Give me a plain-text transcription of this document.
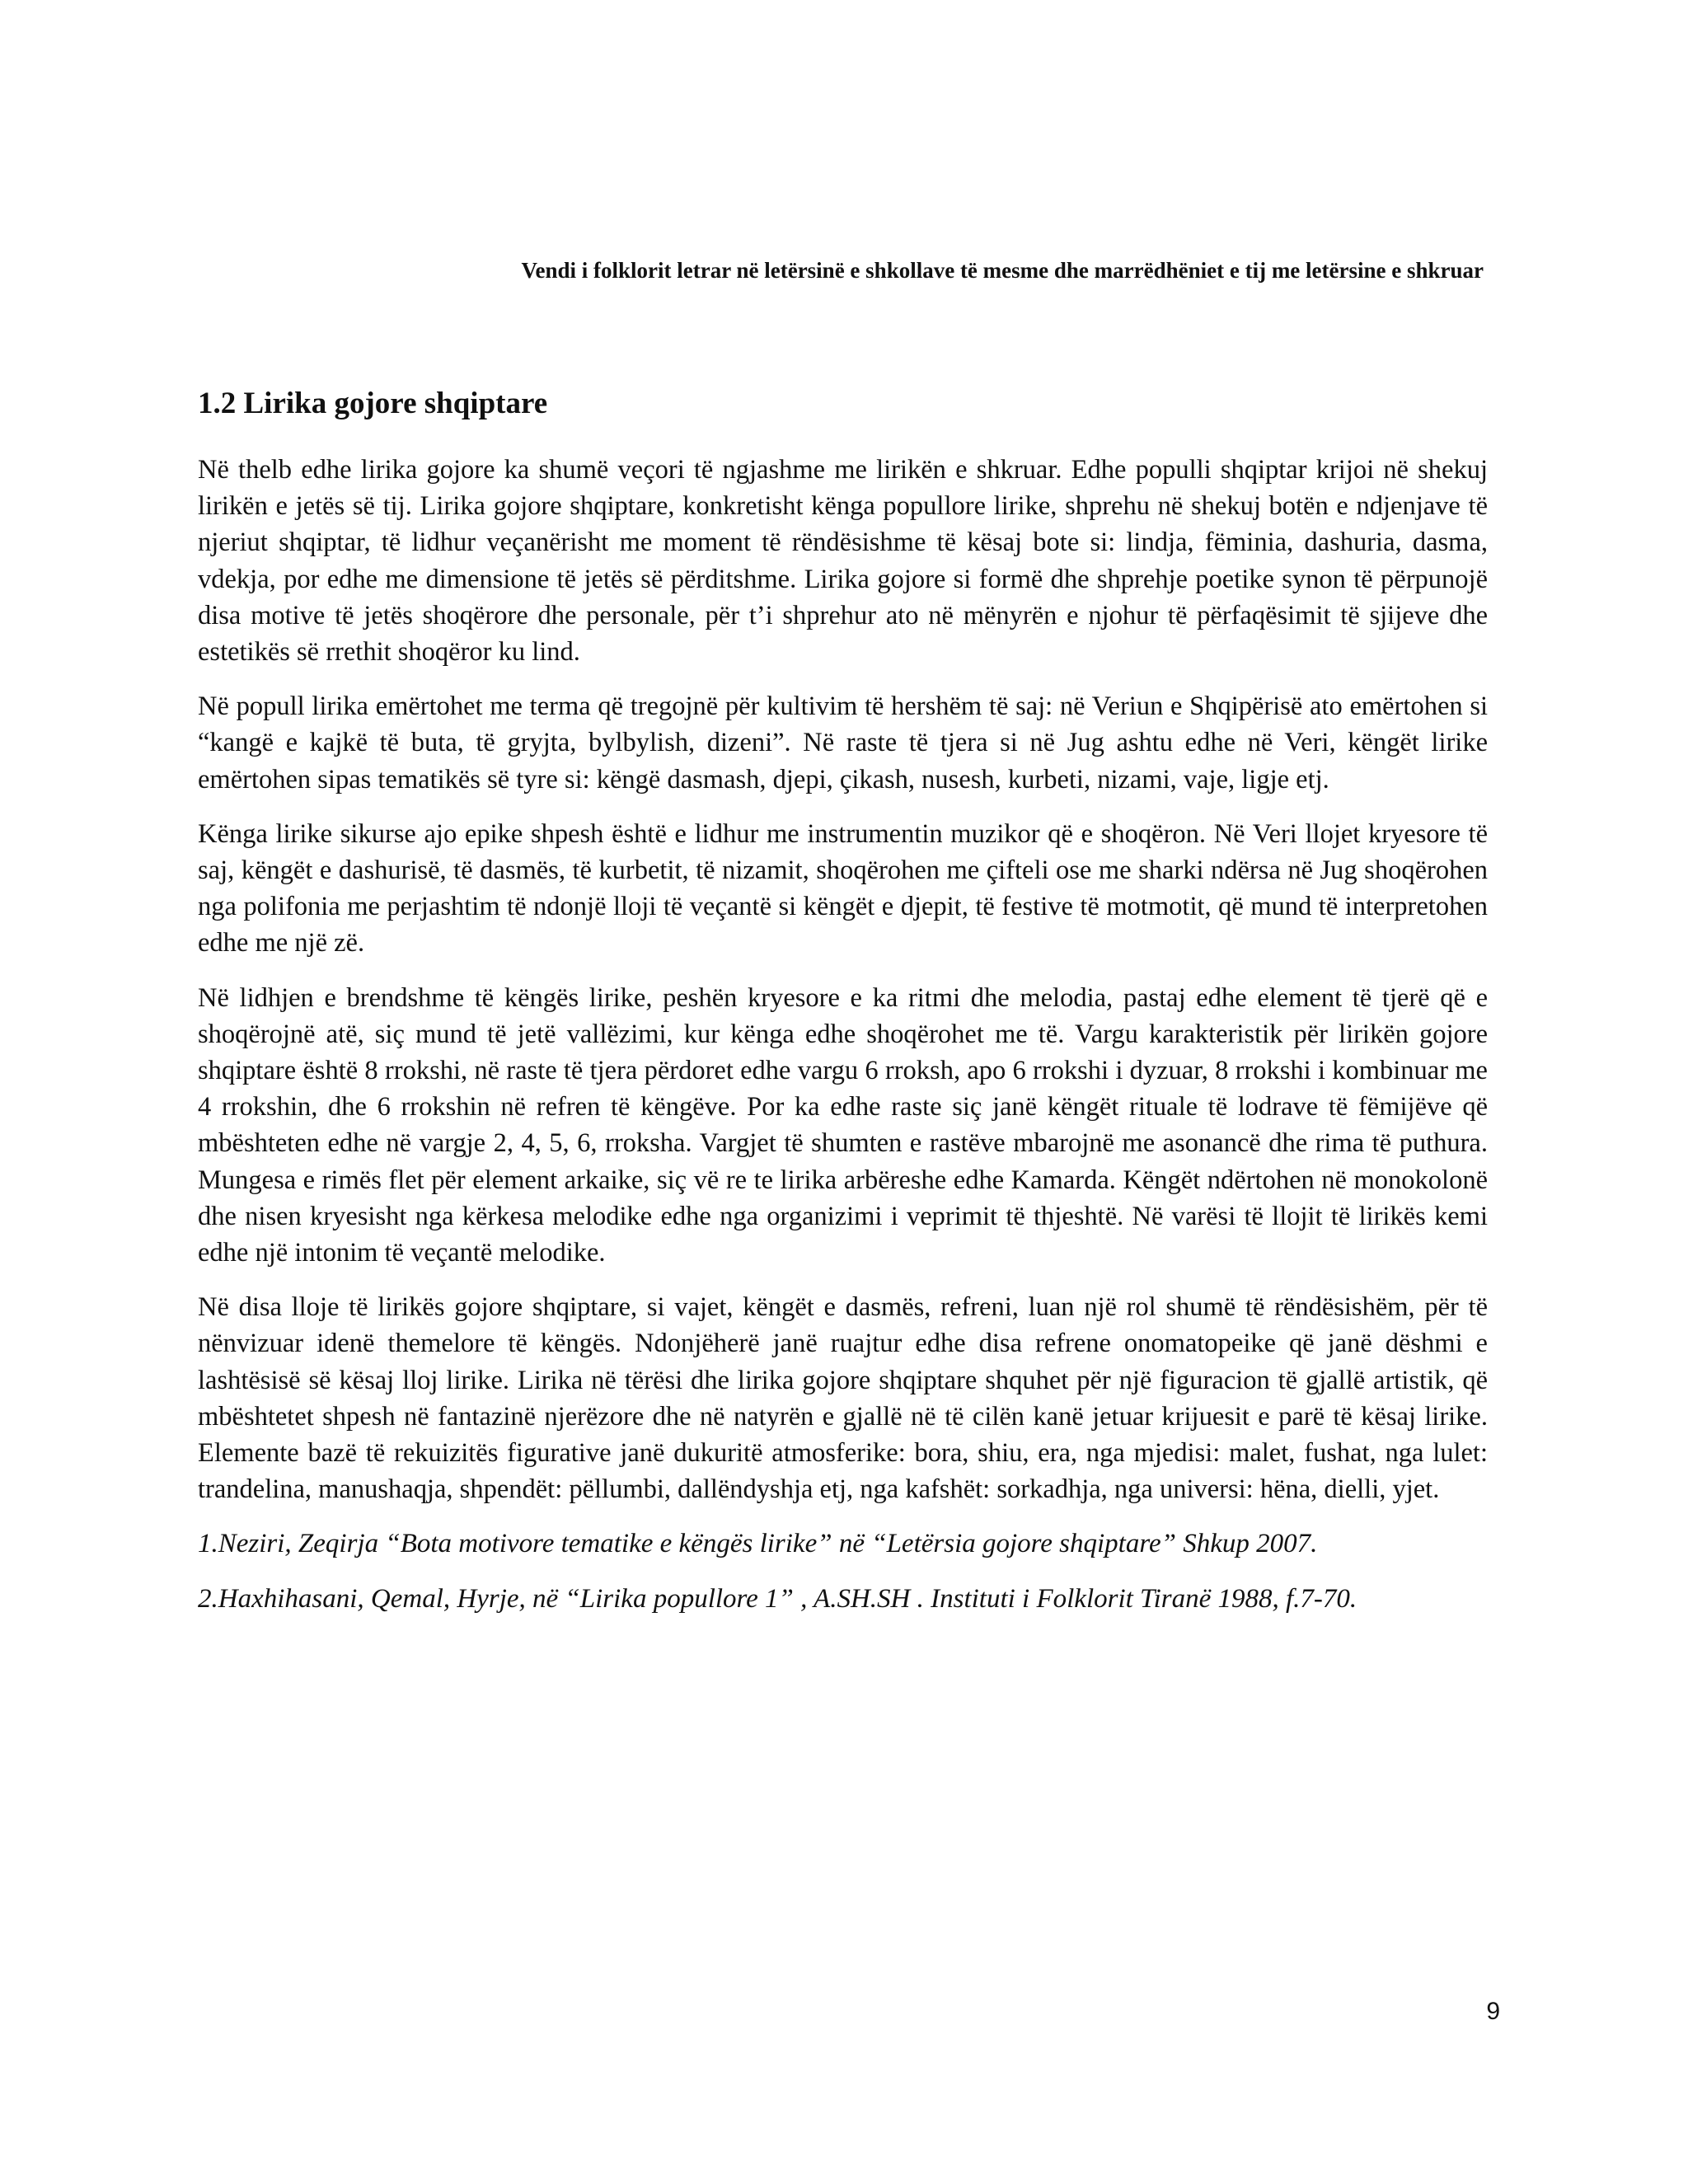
Vendi i folklorit letrar në letërsinë e shkollave të mesme dhe marrëdhëniet e tij me letërsine e shkruar
1.2 Lirika gojore shqiptare

Në thelb edhe lirika gojore ka shumë veçori të ngjashme me lirikën e shkruar. Edhe populli shqiptar krijoi në shekuj lirikën e jetës së tij. Lirika gojore shqiptare, konkretisht kënga popullore lirike, shprehu në shekuj botën e ndjenjave të njeriut shqiptar, të lidhur veçanërisht me moment të rëndësishme të kësaj bote si: lindja, fëminia, dashuria, dasma, vdekja, por edhe me dimensione të jetës së përditshme. Lirika gojore si formë dhe shprehje poetike synon të përpunojë disa motive të jetës shoqërore dhe personale, për t’i shprehur ato në mënyrën e njohur të përfaqësimit të sjijeve dhe estetikës së rrethit shoqëror ku lind.

Në popull lirika emërtohet me terma që tregojnë për kultivim të hershëm të saj: në Veriun e Shqipërisë ato emërtohen si “kangë e kajkë të buta, të gryjta, bylbylish, dizeni”. Në raste të tjera si në Jug ashtu edhe në Veri, këngët lirike emërtohen sipas tematikës së tyre si: këngë dasmash, djepi, çikash, nusesh, kurbeti, nizami, vaje, ligje etj.

Kënga lirike sikurse ajo epike shpesh është e lidhur me instrumentin muzikor që e shoqëron. Në Veri llojet kryesore të saj, këngët e dashurisë, të dasmës, të kurbetit, të nizamit, shoqërohen me çifteli ose me sharki ndërsa në Jug shoqërohen nga polifonia me perjashtim të ndonjë lloji të veçantë si këngët e djepit, të festive të motmotit, që mund të interpretohen edhe me një zë.

Në lidhjen e brendshme të këngës lirike, peshën kryesore e ka ritmi dhe melodia, pastaj edhe element të tjerë që e shoqërojnë atë, siç mund të jetë vallëzimi, kur kënga edhe shoqërohet me të. Vargu karakteristik për lirikën gojore shqiptare është 8 rrokshi, në raste të tjera përdoret edhe vargu 6 rroksh, apo 6 rrokshi i dyzuar, 8 rrokshi i kombinuar me 4 rrokshin, dhe 6 rrokshin në refren të këngëve. Por ka edhe raste siç janë këngët rituale të lodrave të fëmijëve që mbështeten edhe në vargje 2, 4, 5, 6, rroksha. Vargjet të shumten e rastëve mbarojnë me asonancë dhe rima të puthura. Mungesa e rimës flet për element arkaike, siç vë re te lirika arbëreshe edhe Kamarda. Këngët ndërtohen në monokolonë dhe nisen kryesisht nga kërkesa melodike edhe nga organizimi i veprimit të thjeshtë. Në varësi të llojit të lirikës kemi edhe një intonim të veçantë melodike.

Në disa lloje të lirikës gojore shqiptare, si vajet, këngët e dasmës, refreni, luan një rol shumë të rëndësishëm, për të nënvizuar idenë themelore të këngës. Ndonjëherë janë ruajtur edhe disa refrene onomatopeike që janë dëshmi e lashtësisë së kësaj lloj lirike. Lirika në tërësi dhe lirika gojore shqiptare shquhet për një figuracion të gjallë artistik, që mbështetet shpesh në fantazinë njerëzore dhe në natyrën e gjallë në të cilën kanë jetuar krijuesit e parë të kësaj lirike. Elemente bazë të rekuizitës figurative janë dukuritë atmosferike: bora, shiu, era, nga mjedisi: malet, fushat, nga lulet: trandelina, manushaqja, shpendët: pëllumbi, dallëndyshja etj, nga kafshët: sorkadhja, nga universi: hëna, dielli, yjet.

1.Neziri, Zeqirja “Bota motivore tematike e këngës lirike” në “Letërsia gojore shqiptare” Shkup 2007.

2.Haxhihasani, Qemal, Hyrje, në “Lirika popullore 1” , A.SH.SH . Instituti i Folklorit Tiranë 1988, f.7-70.

9
